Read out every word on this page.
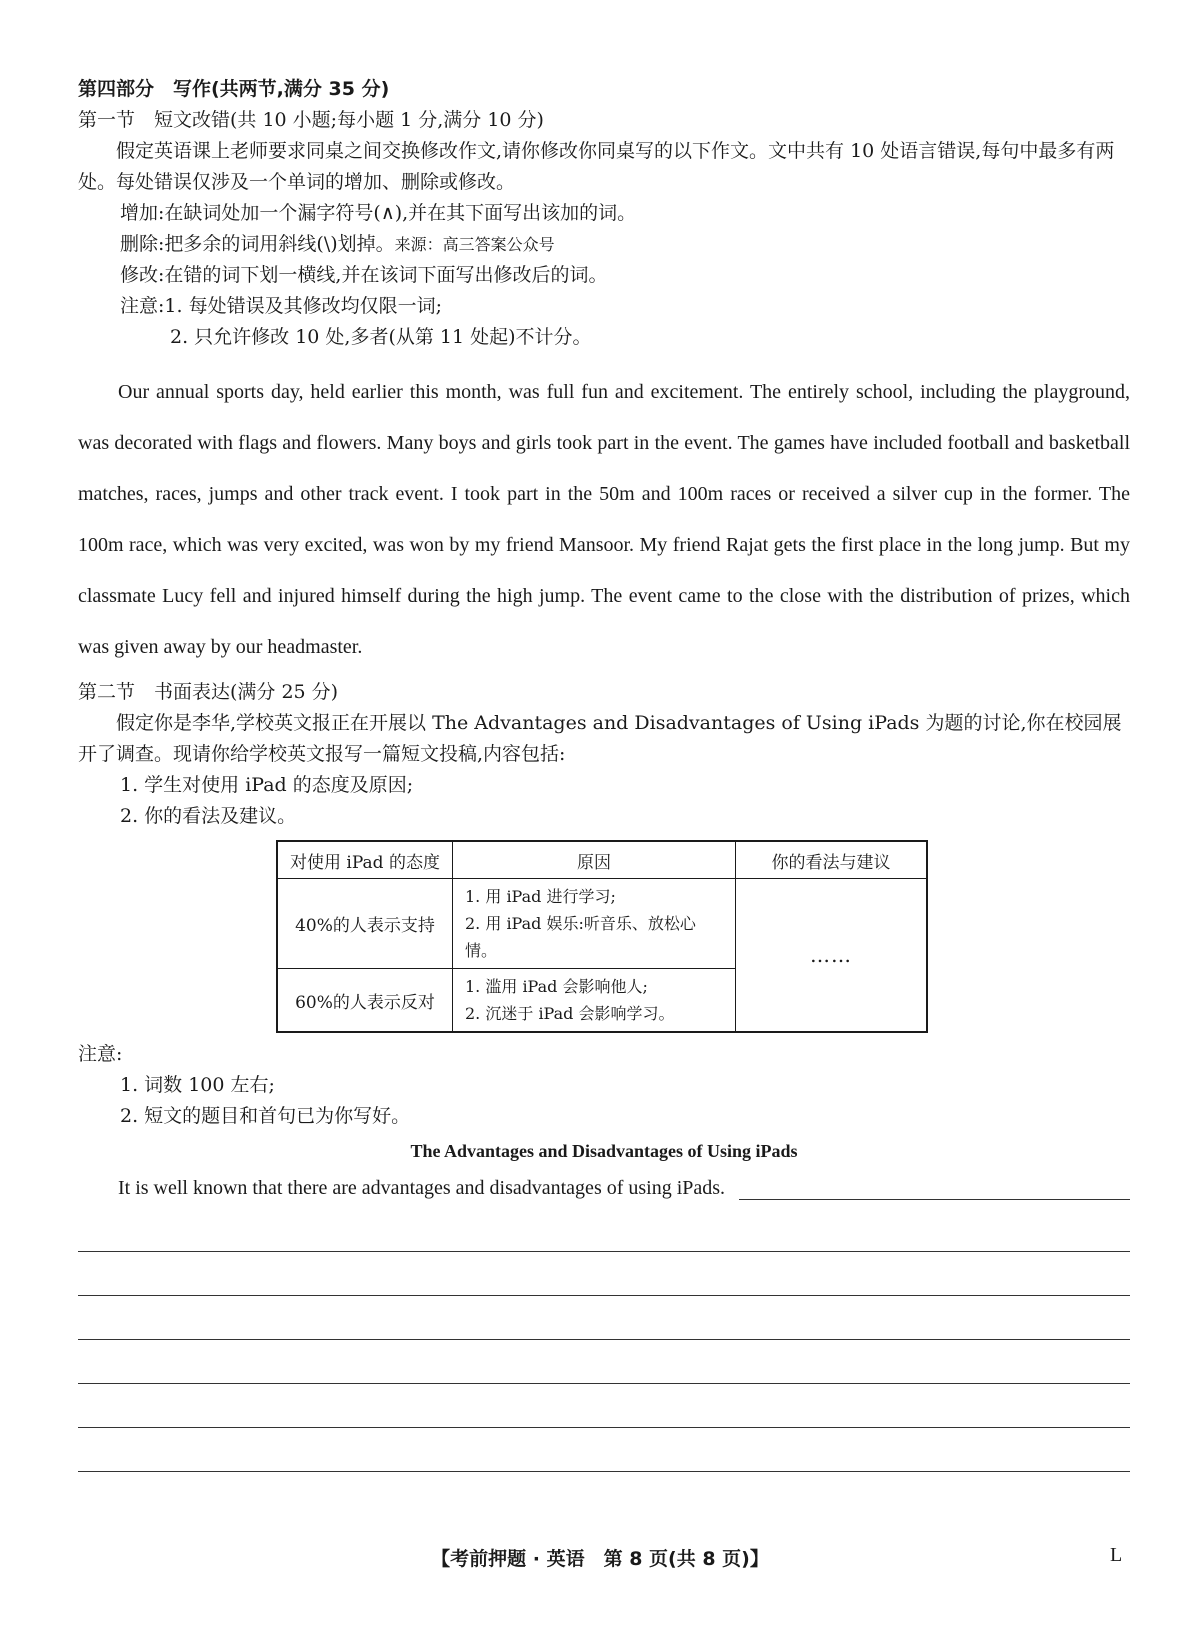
第四部分　写作(共两节,满分 35 分)
第一节　短文改错(共 10 小题;每小题 1 分,满分 10 分)
假定英语课上老师要求同桌之间交换修改作文,请你修改你同桌写的以下作文。文中共有 10 处语言错误,每句中最多有两处。每处错误仅涉及一个单词的增加、删除或修改。
增加:在缺词处加一个漏字符号(∧),并在其下面写出该加的词。
删除:把多余的词用斜线(\)划掉。来源：高三答案公众号
修改:在错的词下划一横线,并在该词下面写出修改后的词。
注意:1. 每处错误及其修改均仅限一词;
2. 只允许修改 10 处,多者(从第 11 处起)不计分。
Our annual sports day, held earlier this month, was full fun and excitement. The entirely school, including the playground, was decorated with flags and flowers. Many boys and girls took part in the event. The games have included football and basketball matches, races, jumps and other track event. I took part in the 50m and 100m races or received a silver cup in the former. The 100m race, which was very excited, was won by my friend Mansoor. My friend Rajat gets the first place in the long jump. But my classmate Lucy fell and injured himself during the high jump. The event came to the close with the distribution of prizes, which was given away by our headmaster.
第二节　书面表达(满分 25 分)
假定你是李华,学校英文报正在开展以 The Advantages and Disadvantages of Using iPads 为题的讨论,你在校园展开了调查。现请你给学校英文报写一篇短文投稿,内容包括:
1. 学生对使用 iPad 的态度及原因;
2. 你的看法及建议。
对使用 iPad 的态度	原因	你的看法与建议
40%的人表示支持	1. 用 iPad 进行学习;
2. 用 iPad 娱乐:听音乐、放松心情。	……
60%的人表示反对	1. 滥用 iPad 会影响他人;
2. 沉迷于 iPad 会影响学习。	
注意:
1. 词数 100 左右;
2. 短文的题目和首句已为你写好。
The Advantages and Disadvantages of Using iPads
It is well known that there are advantages and disadvantages of using iPads.
【考前押题 · 英语　第 8 页(共 8 页)】	L
